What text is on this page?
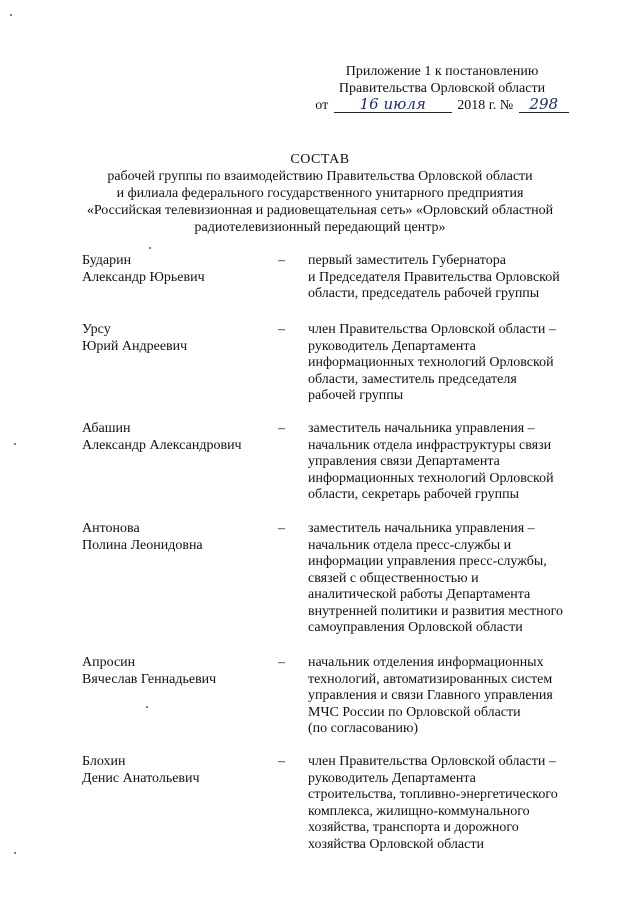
Приложение 1 к постановлению
Правительства Орловской области
от 16 июля 2018 г. № 298
СОСТАВ
рабочей группы по взаимодействию Правительства Орловской области
и филиала федерального государственного унитарного предприятия
«Российская телевизионная и радиовещательная сеть» «Орловский областной
радиотелевизионный передающий центр»
Бударин
Александр Юрьевич
–	первый заместитель Губернатора
и Председателя Правительства Орловской
области, председатель рабочей группы
Урсу
Юрий Андреевич
–	член Правительства Орловской области –
руководитель Департамента
информационных технологий Орловской
области, заместитель председателя
рабочей группы
Абашин
Александр Александрович
–	заместитель начальника управления –
начальник отдела инфраструктуры связи
управления связи Департамента
информационных технологий Орловской
области, секретарь рабочей группы
Антонова
Полина Леонидовна
–	заместитель начальника управления –
начальник отдела пресс-службы и
информации управления пресс-службы,
связей с общественностью и
аналитической работы Департамента
внутренней политики и развития местного
самоуправления Орловской области
Апросин
Вячеслав Геннадьевич
–	начальник отделения информационных
технологий, автоматизированных систем
управления и связи Главного управления
МЧС России по Орловской области
(по согласованию)
Блохин
Денис Анатольевич
–	член Правительства Орловской области –
руководитель Департамента
строительства, топливно-энергетического
комплекса, жилищно-коммунального
хозяйства, транспорта и дорожного
хозяйства Орловской области
